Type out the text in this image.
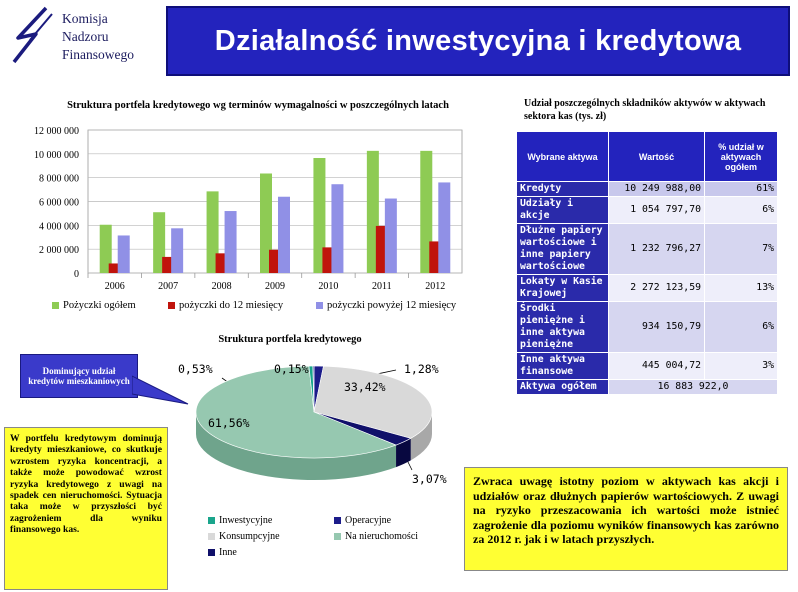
Komisja
Nadzoru
Finansowego	Działalność inwestycyjna i kredytowa
Struktura portfela kredytowego wg terminów wymagalności w poszczególnych latach
12 000 000
10 000 000
8 000 000
6 000 000
4 000 000
2 000 000
0
2006	2007	2008	2009	2010	2011	2012
Pożyczki ogółem	pożyczki do 12 miesięcy	pożyczki powyżej 12 miesięcy
Struktura portfela kredytowego
0,53%	0,15%	1,28%
33,42%
61,56%
3,07%
Inwestycyjne	Operacyjne
Konsumpcyjne	Na nieruchomości
Inne
Dominujący udział kredytów mieszkaniowych
W portfelu kredytowym dominują kredyty mieszkaniowe, co skutkuje wzrostem ryzyka koncentracji, a także może powodować wzrost ryzyka kredytowego z uwagi na spadek cen nieruchomości. Sytuacja taka może w przyszłości być zagrożeniem dla wyniku finansowego kas.
Udział poszczególnych składników aktywów w aktywach sektora kas (tys. zł)
Wybrane aktywa	Wartość	% udział w aktywach ogółem
Kredyty	10 249 988,00	61%
Udziały i akcje	1 054 797,70	6%
Dłużne papiery wartościowe i inne papiery wartościowe	1 232 796,27	7%
Lokaty w Kasie Krajowej	2 272 123,59	13%
Środki pieniężne i inne aktywa pieniężne	934 150,79	6%
Inne aktywa finansowe	445 004,72	3%
Aktywa ogółem	16 883 922,0	
Zwraca uwagę istotny poziom w aktywach kas akcji i udziałów oraz dłużnych papierów wartościowych. Z uwagi na ryzyko przeszacowania ich wartości może istnieć zagrożenie dla poziomu wyników finansowych kas zarówno za 2012 r. jak i w latach przyszłych.
